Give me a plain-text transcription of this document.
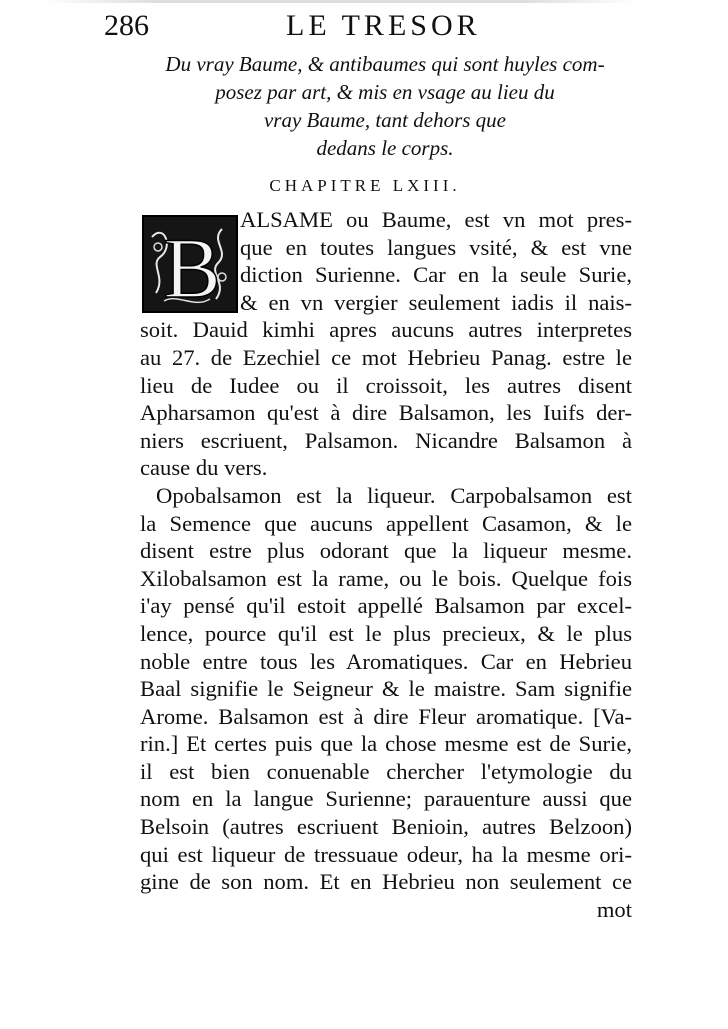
286	LE TRESOR
Du vray Baume, & antibaumes qui sont huyles com-
posez par art, & mis en vsage au lieu du
vray Baume, tant dehors que
dedans le corps.
CHAPITRE LXIII.
B
ALSAME ou Baume, est vn mot pres-
que en toutes langues vsité, & est vne
diction Surienne. Car en la seule Surie,
& en vn vergier seulement iadis il nais-
soit. Dauid kimhi apres aucuns autres interpretes
au 27. de Ezechiel ce mot Hebrieu Panag. estre le
lieu de Iudee ou il croissoit, les autres disent
Apharsamon qu'est à dire Balsamon, les Iuifs der-
niers escriuent, Palsamon. Nicandre Balsamon à
cause du vers.
Opobalsamon est la liqueur. Carpobalsamon est
la Semence que aucuns appellent Casamon, & le
disent estre plus odorant que la liqueur mesme.
Xilobalsamon est la rame, ou le bois. Quelque fois
i'ay pensé qu'il estoit appellé Balsamon par excel-
lence, pource qu'il est le plus precieux, & le plus
noble entre tous les Aromatiques. Car en Hebrieu
Baal signifie le Seigneur & le maistre. Sam signifie
Arome. Balsamon est à dire Fleur aromatique. [Va-
rin.] Et certes puis que la chose mesme est de Surie,
il est bien conuenable chercher l'etymologie du
nom en la langue Surienne; parauenture aussi que
Belsoin (autres escriuent Benioin, autres Belzoon)
qui est liqueur de tressuaue odeur, ha la mesme ori-
gine de son nom. Et en Hebrieu non seulement ce
mot
